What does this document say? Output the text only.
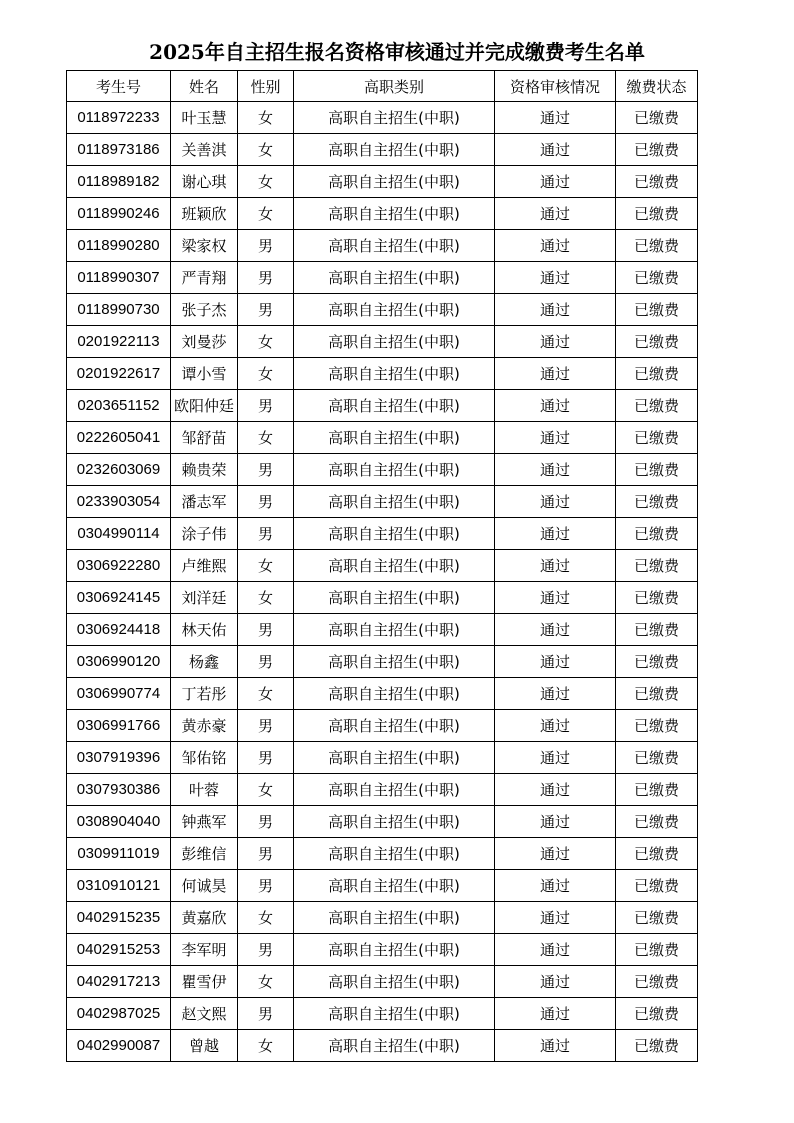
2025年自主招生报名资格审核通过并完成缴费考生名单
考生号	姓名	性别	高职类别	资格审核情况	缴费状态
0118972233	叶玉慧	女	高职自主招生(中职)	通过	已缴费
0118973186	关善淇	女	高职自主招生(中职)	通过	已缴费
0118989182	谢心琪	女	高职自主招生(中职)	通过	已缴费
0118990246	班颖欣	女	高职自主招生(中职)	通过	已缴费
0118990280	梁家权	男	高职自主招生(中职)	通过	已缴费
0118990307	严青翔	男	高职自主招生(中职)	通过	已缴费
0118990730	张子杰	男	高职自主招生(中职)	通过	已缴费
0201922113	刘曼莎	女	高职自主招生(中职)	通过	已缴费
0201922617	谭小雪	女	高职自主招生(中职)	通过	已缴费
0203651152	欧阳仲廷	男	高职自主招生(中职)	通过	已缴费
0222605041	邹舒苗	女	高职自主招生(中职)	通过	已缴费
0232603069	赖贵荣	男	高职自主招生(中职)	通过	已缴费
0233903054	潘志军	男	高职自主招生(中职)	通过	已缴费
0304990114	涂子伟	男	高职自主招生(中职)	通过	已缴费
0306922280	卢维熙	女	高职自主招生(中职)	通过	已缴费
0306924145	刘洋廷	女	高职自主招生(中职)	通过	已缴费
0306924418	林天佑	男	高职自主招生(中职)	通过	已缴费
0306990120	杨鑫	男	高职自主招生(中职)	通过	已缴费
0306990774	丁若彤	女	高职自主招生(中职)	通过	已缴费
0306991766	黄赤豪	男	高职自主招生(中职)	通过	已缴费
0307919396	邹佑铭	男	高职自主招生(中职)	通过	已缴费
0307930386	叶蓉	女	高职自主招生(中职)	通过	已缴费
0308904040	钟燕军	男	高职自主招生(中职)	通过	已缴费
0309911019	彭维信	男	高职自主招生(中职)	通过	已缴费
0310910121	何诚昊	男	高职自主招生(中职)	通过	已缴费
0402915235	黄嘉欣	女	高职自主招生(中职)	通过	已缴费
0402915253	李军明	男	高职自主招生(中职)	通过	已缴费
0402917213	瞿雪伊	女	高职自主招生(中职)	通过	已缴费
0402987025	赵文熙	男	高职自主招生(中职)	通过	已缴费
0402990087	曾越	女	高职自主招生(中职)	通过	已缴费
